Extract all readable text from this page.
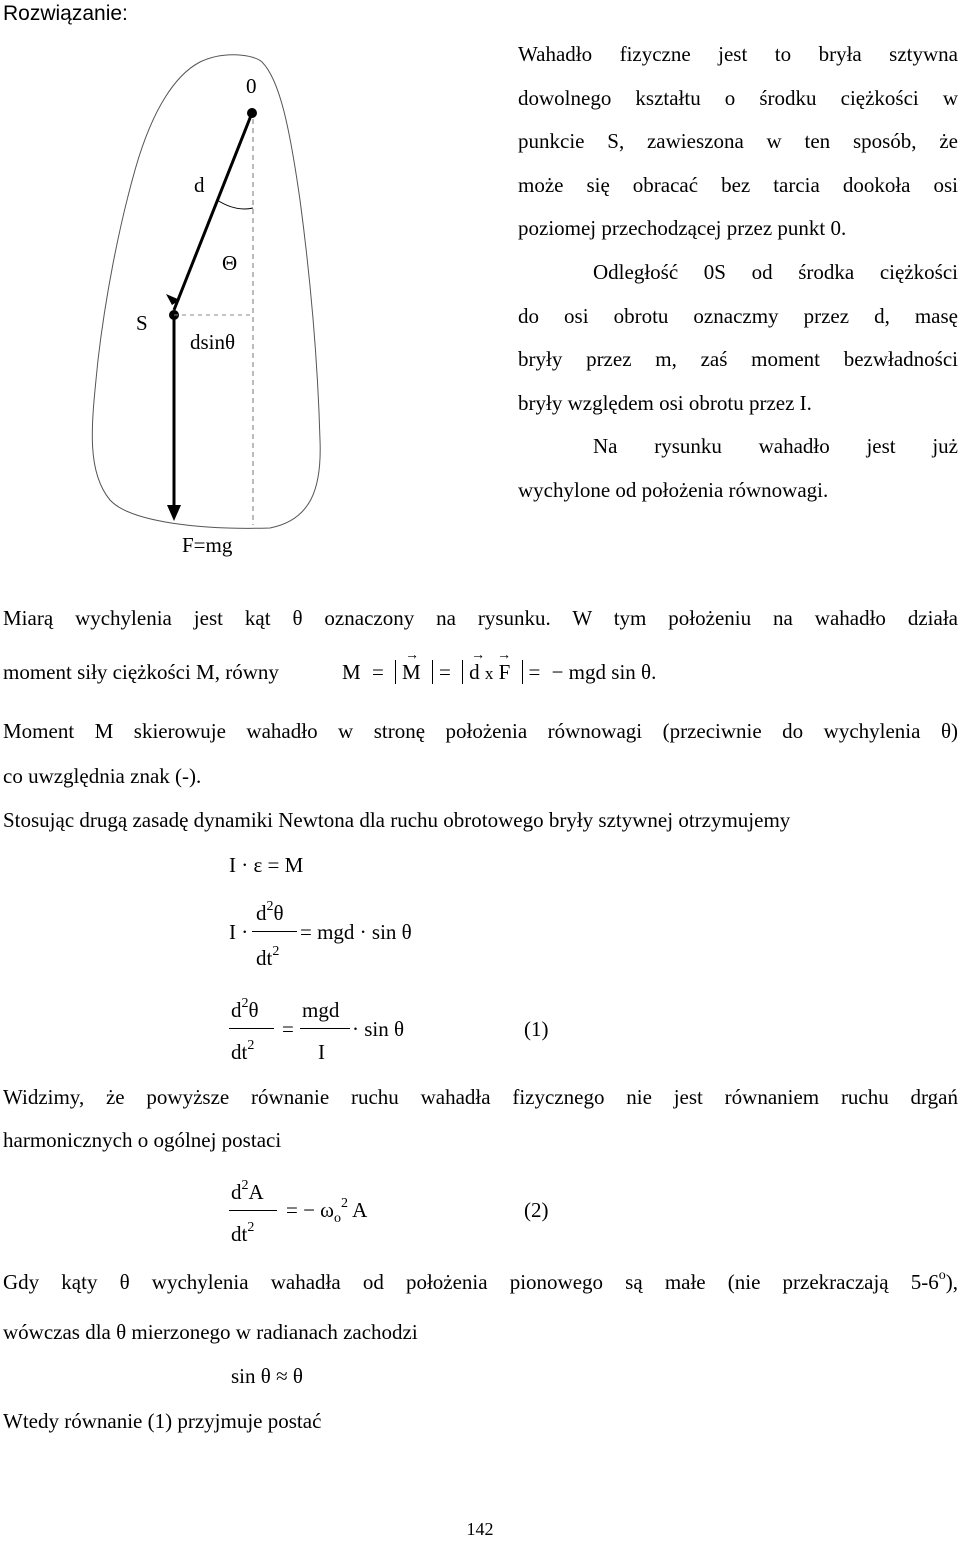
Rozwiązanie:
0
d
Θ
S
dsinθ
F=mg
Wahadło fizyczne jest to bryła sztywna
dowolnego kształtu o środku ciężkości w
punkcie S, zawieszona w ten sposób, że
może się obracać bez tarcia dookoła osi
poziomej przechodzącej przez punkt 0.
Odległość 0S od środka ciężkości
do osi obrotu oznaczmy przez d, masę
bryły przez m, zaś moment bezwładności
bryły względem osi obrotu przez I.
Na rysunku wahadło jest już
wychylone od położenia równowagi.
Miarą wychylenia jest kąt θ oznaczony na rysunku. W tym położeniu na wahadło działa
moment siły ciężkości M, równy	M =
→
M =
→
d x
→
F = − mgd sin θ.
Moment M skierowuje wahadło w stronę położenia równowagi (przeciwnie do wychylenia θ)
co uwzględnia znak (-).
Stosując drugą zasadę dynamiki Newtona dla ruchu obrotowego bryły sztywnej otrzymujemy
I · ε = M
I ·
$d^2\theta$
$dt^2$
= mgd · sin θ
$d^2\theta$
$dt^2$
=
mgd
I
· sin θ	(1)
Widzimy, że powyższe równanie ruchu wahadła fizycznego nie jest równaniem ruchu drgań
harmonicznych o ogólnej postaci
$d^2A$
$dt^2$
= − $\omega_o^2$ A	(2)
Gdy kąty θ wychylenia wahadła od położenia pionowego są małe (nie przekraczają 5-6$^o$),
wówczas dla θ mierzonego w radianach zachodzi
sin θ ≈ θ
Wtedy równanie (1) przyjmuje postać
142
